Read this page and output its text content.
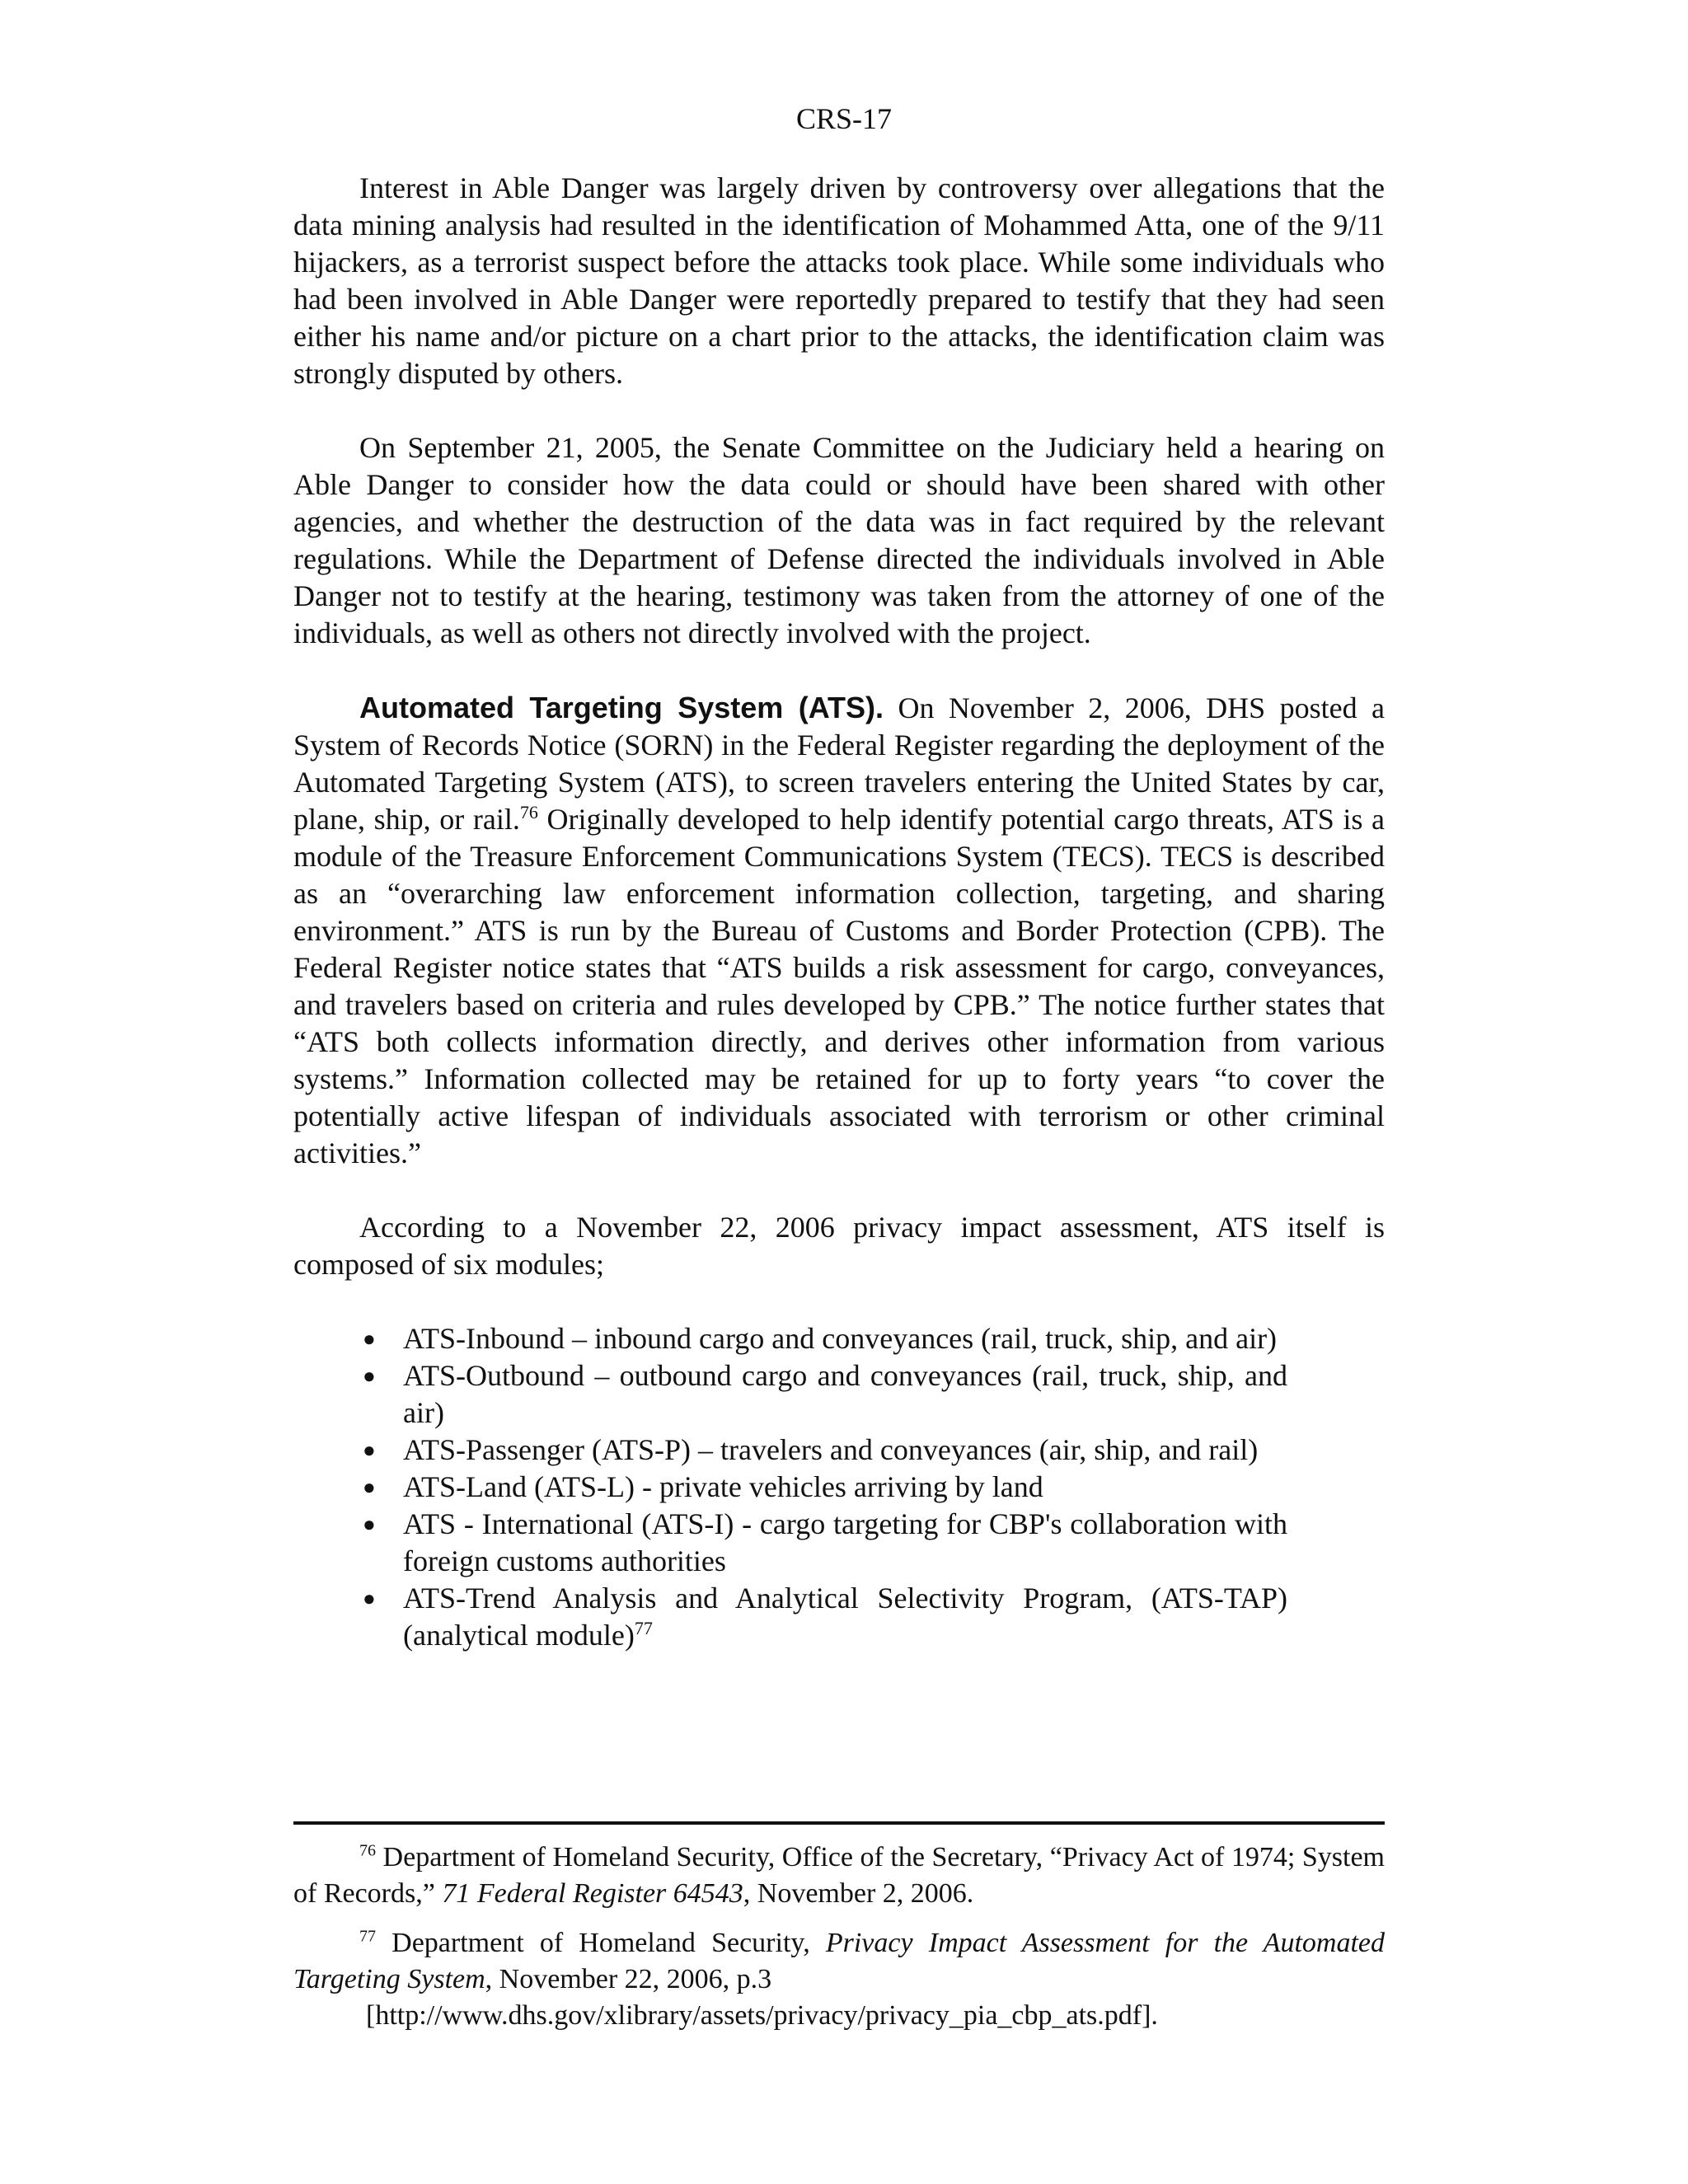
CRS-17

Interest in Able Danger was largely driven by controversy over allegations that the data mining analysis had resulted in the identification of Mohammed Atta, one of the 9/11 hijackers, as a terrorist suspect before the attacks took place. While some individuals who had been involved in Able Danger were reportedly prepared to testify that they had seen either his name and/or picture on a chart prior to the attacks, the identification claim was strongly disputed by others.

On September 21, 2005, the Senate Committee on the Judiciary held a hearing on Able Danger to consider how the data could or should have been shared with other agencies, and whether the destruction of the data was in fact required by the relevant regulations. While the Department of Defense directed the individuals involved in Able Danger not to testify at the hearing, testimony was taken from the attorney of one of the individuals, as well as others not directly involved with the project.

Automated Targeting System (ATS). On November 2, 2006, DHS posted a System of Records Notice (SORN) in the Federal Register regarding the deployment of the Automated Targeting System (ATS), to screen travelers entering the United States by car, plane, ship, or rail.$^{76}$ Originally developed to help identify potential cargo threats, ATS is a module of the Treasure Enforcement Communications System (TECS). TECS is described as an “overarching law enforcement information collection, targeting, and sharing environment.” ATS is run by the Bureau of Customs and Border Protection (CPB). The Federal Register notice states that “ATS builds a risk assessment for cargo, conveyances, and travelers based on criteria and rules developed by CPB.” The notice further states that “ATS both collects information directly, and derives other information from various systems.” Information collected may be retained for up to forty years “to cover the potentially active lifespan of individuals associated with terrorism or other criminal activities.”

According to a November 22, 2006 privacy impact assessment, ATS itself is composed of six modules;

● ATS-Inbound – inbound cargo and conveyances (rail, truck, ship, and air)
● ATS-Outbound – outbound cargo and conveyances (rail, truck, ship, and air)
● ATS-Passenger (ATS-P) – travelers and conveyances (air, ship, and rail)
● ATS-Land (ATS-L) - private vehicles arriving by land
● ATS - International (ATS-I) - cargo targeting for CBP's collaboration with foreign customs authorities
● ATS-Trend Analysis and Analytical Selectivity Program, (ATS-TAP) (analytical module)$^{77}$

$^{76}$ Department of Homeland Security, Office of the Secretary, “Privacy Act of 1974; System of Records,” 71 Federal Register 64543, November 2, 2006.

$^{77}$ Department of Homeland Security, Privacy Impact Assessment for the Automated Targeting System, November 22, 2006, p.3
[http://www.dhs.gov/xlibrary/assets/privacy/privacy_pia_cbp_ats.pdf].
